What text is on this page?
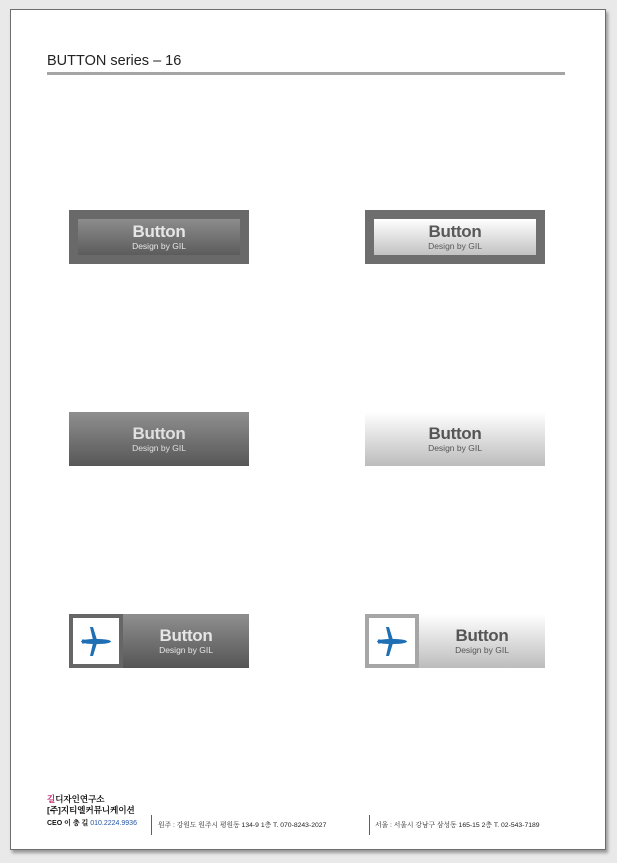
BUTTON series – 16
Button
Design by GIL
Button
Design by GIL
Button
Design by GIL
Button
Design by GIL
Button
Design by GIL
Button
Design by GIL
길디자인연구소
[주]지티엘커뮤니케이션
CEO 이 충 길 010.2224.9936	원주 : 강원도 원주시 평원동 134-9 1층 T. 070-8243-2027	서울 : 서울시 강남구 삼성동 165-15 2층 T. 02-543-7189
